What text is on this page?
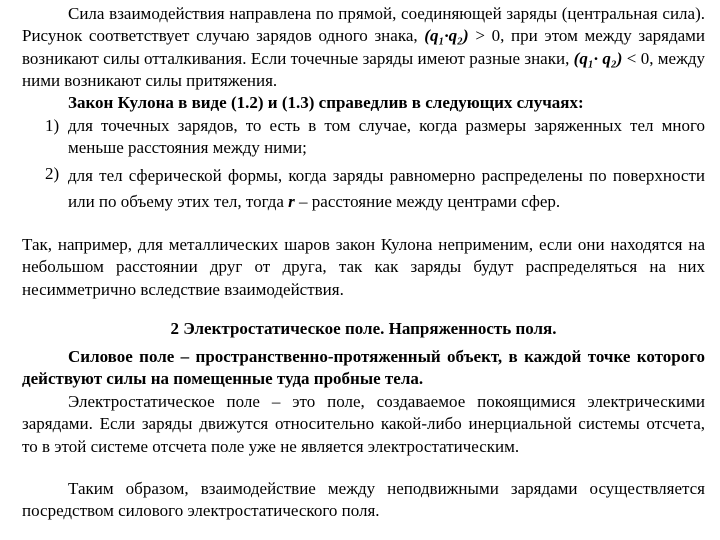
Сила взаимодействия направлена по прямой, соединяющей заряды (центральная сила). Рисунок соответствует случаю зарядов одного знака, (q₁·q₂) > 0, при этом между зарядами возникают силы отталкивания. Если точечные заряды имеют разные знаки, (q₁· q₂) < 0, между ними возникают силы притяжения.

Закон Кулона в виде (1.2) и (1.3) справедлив в следующих случаях:

1) для точечных зарядов, то есть в том случае, когда размеры заряженных тел много меньше расстояния между ними;
2) для тел сферической формы, когда заряды равномерно распределены по поверхности или по объему этих тел, тогда r – расстояние между центрами сфер.

Так, например, для металлических шаров закон Кулона неприменим, если они находятся на небольшом расстоянии друг от друга, так как заряды будут распределяться на них несимметрично вследствие взаимодействия.

2 Электростатическое поле. Напряженность поля.

Силовое поле – пространственно-протяженный объект, в каждой точке которого действуют силы на помещенные туда пробные тела.

Электростатическое поле – это поле, создаваемое покоящимися электрическими зарядами. Если заряды движутся относительно какой-либо инерциальной системы отсчета, то в этой системе отсчета поле уже не является электростатическим.

Таким образом, взаимодействие между неподвижными зарядами осуществляется посредством силового электростатического поля.
